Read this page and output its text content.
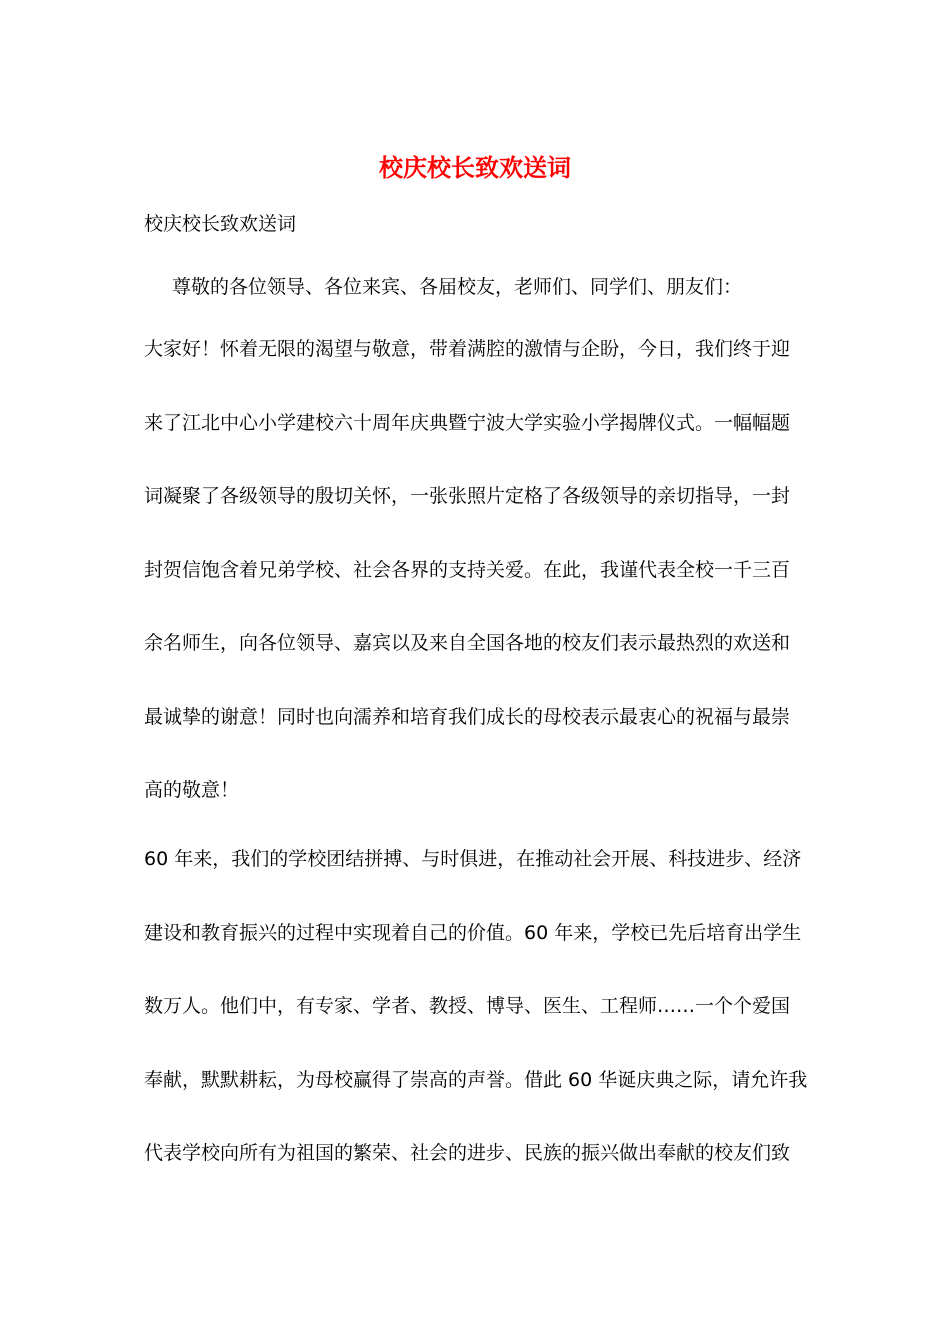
校庆校长致欢送词

校庆校长致欢送词

尊敬的各位领导、各位来宾、各届校友，老师们、同学们、朋友们：

大家好！怀着无限的渴望与敬意，带着满腔的激情与企盼，今日，我们终于迎
来了江北中心小学建校六十周年庆典暨宁波大学实验小学揭牌仪式。一幅幅题
词凝聚了各级领导的殷切关怀，一张张照片定格了各级领导的亲切指导，一封
封贺信饱含着兄弟学校、社会各界的支持关爱。在此，我谨代表全校一千三百
余名师生，向各位领导、嘉宾以及来自全国各地的校友们表示最热烈的欢送和
最诚挚的谢意！同时也向濡养和培育我们成长的母校表示最衷心的祝福与最崇
高的敬意！
60 年来，我们的学校团结拼搏、与时俱进，在推动社会开展、科技进步、经济
建设和教育振兴的过程中实现着自己的价值。60 年来，学校已先后培育出学生
数万人。他们中，有专家、学者、教授、博导、医生、工程师……一个个爱国
奉献，默默耕耘，为母校赢得了崇高的声誉。借此 60 华诞庆典之际，请允许我
代表学校向所有为祖国的繁荣、社会的进步、民族的振兴做出奉献的校友们致
